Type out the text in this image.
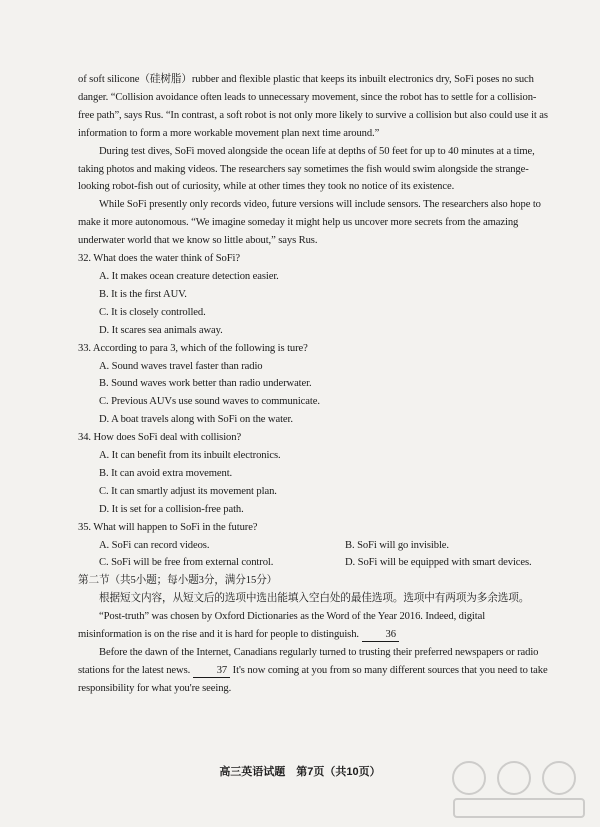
of soft silicone（硅树脂）rubber and flexible plastic that keeps its inbuilt electronics dry, SoFi poses no such danger. “Collision avoidance often leads to unnecessary movement, since the robot has to settle for a collision-free path”, says Rus. “In contrast, a soft robot is not only more likely to survive a collision but also could use it as information to form a more workable movement plan next time around.”

During test dives, SoFi moved alongside the ocean life at depths of 50 feet for up to 40 minutes at a time, taking photos and making videos. The researchers say sometimes the fish would swim alongside the strange-looking robot-fish out of curiosity, while at other times they took no notice of its existence.

While SoFi presently only records video, future versions will include sensors. The researchers also hope to make it more autonomous. “We imagine someday it might help us uncover more secrets from the amazing underwater world that we know so little about,” says Rus.

32. What does the water think of SoFi?

A. It makes ocean creature detection easier.

B. It is the first AUV.

C. It is closely controlled.

D. It scares sea animals away.

33. According to para 3, which of the following is ture?

A. Sound waves travel faster than radio

B. Sound waves work better than radio underwater.

C. Previous AUVs use sound waves to communicate.

D. A boat travels along with SoFi on the water.

34. How does SoFi deal with collision?

A. It can benefit from its inbuilt electronics.

B. It can avoid extra movement.

C. It can smartly adjust its movement plan.

D. It is set for a collision-free path.

35. What will happen to SoFi in the future?

A. SoFi can record videos.	B. SoFi will go invisible.
C. SoFi will be free from external control.	D. SoFi will be equipped with smart devices.

第二节（共5小题；每小题3分，满分15分）

根据短文内容，从短文后的选项中选出能填入空白处的最佳选项。选项中有两项为多余选项。

“Post-truth” was chosen by Oxford Dictionaries as the Word of the Year 2016. Indeed, digital misinformation is on the rise and it is hard for people to distinguish.	36

Before the dawn of the Internet, Canadians regularly turned to trusting their preferred newspapers or radio stations for the latest news.	37 It's now coming at you from so many different sources that you need to take responsibility for what you're seeing.

高三英语试题　第7页（共10页）
